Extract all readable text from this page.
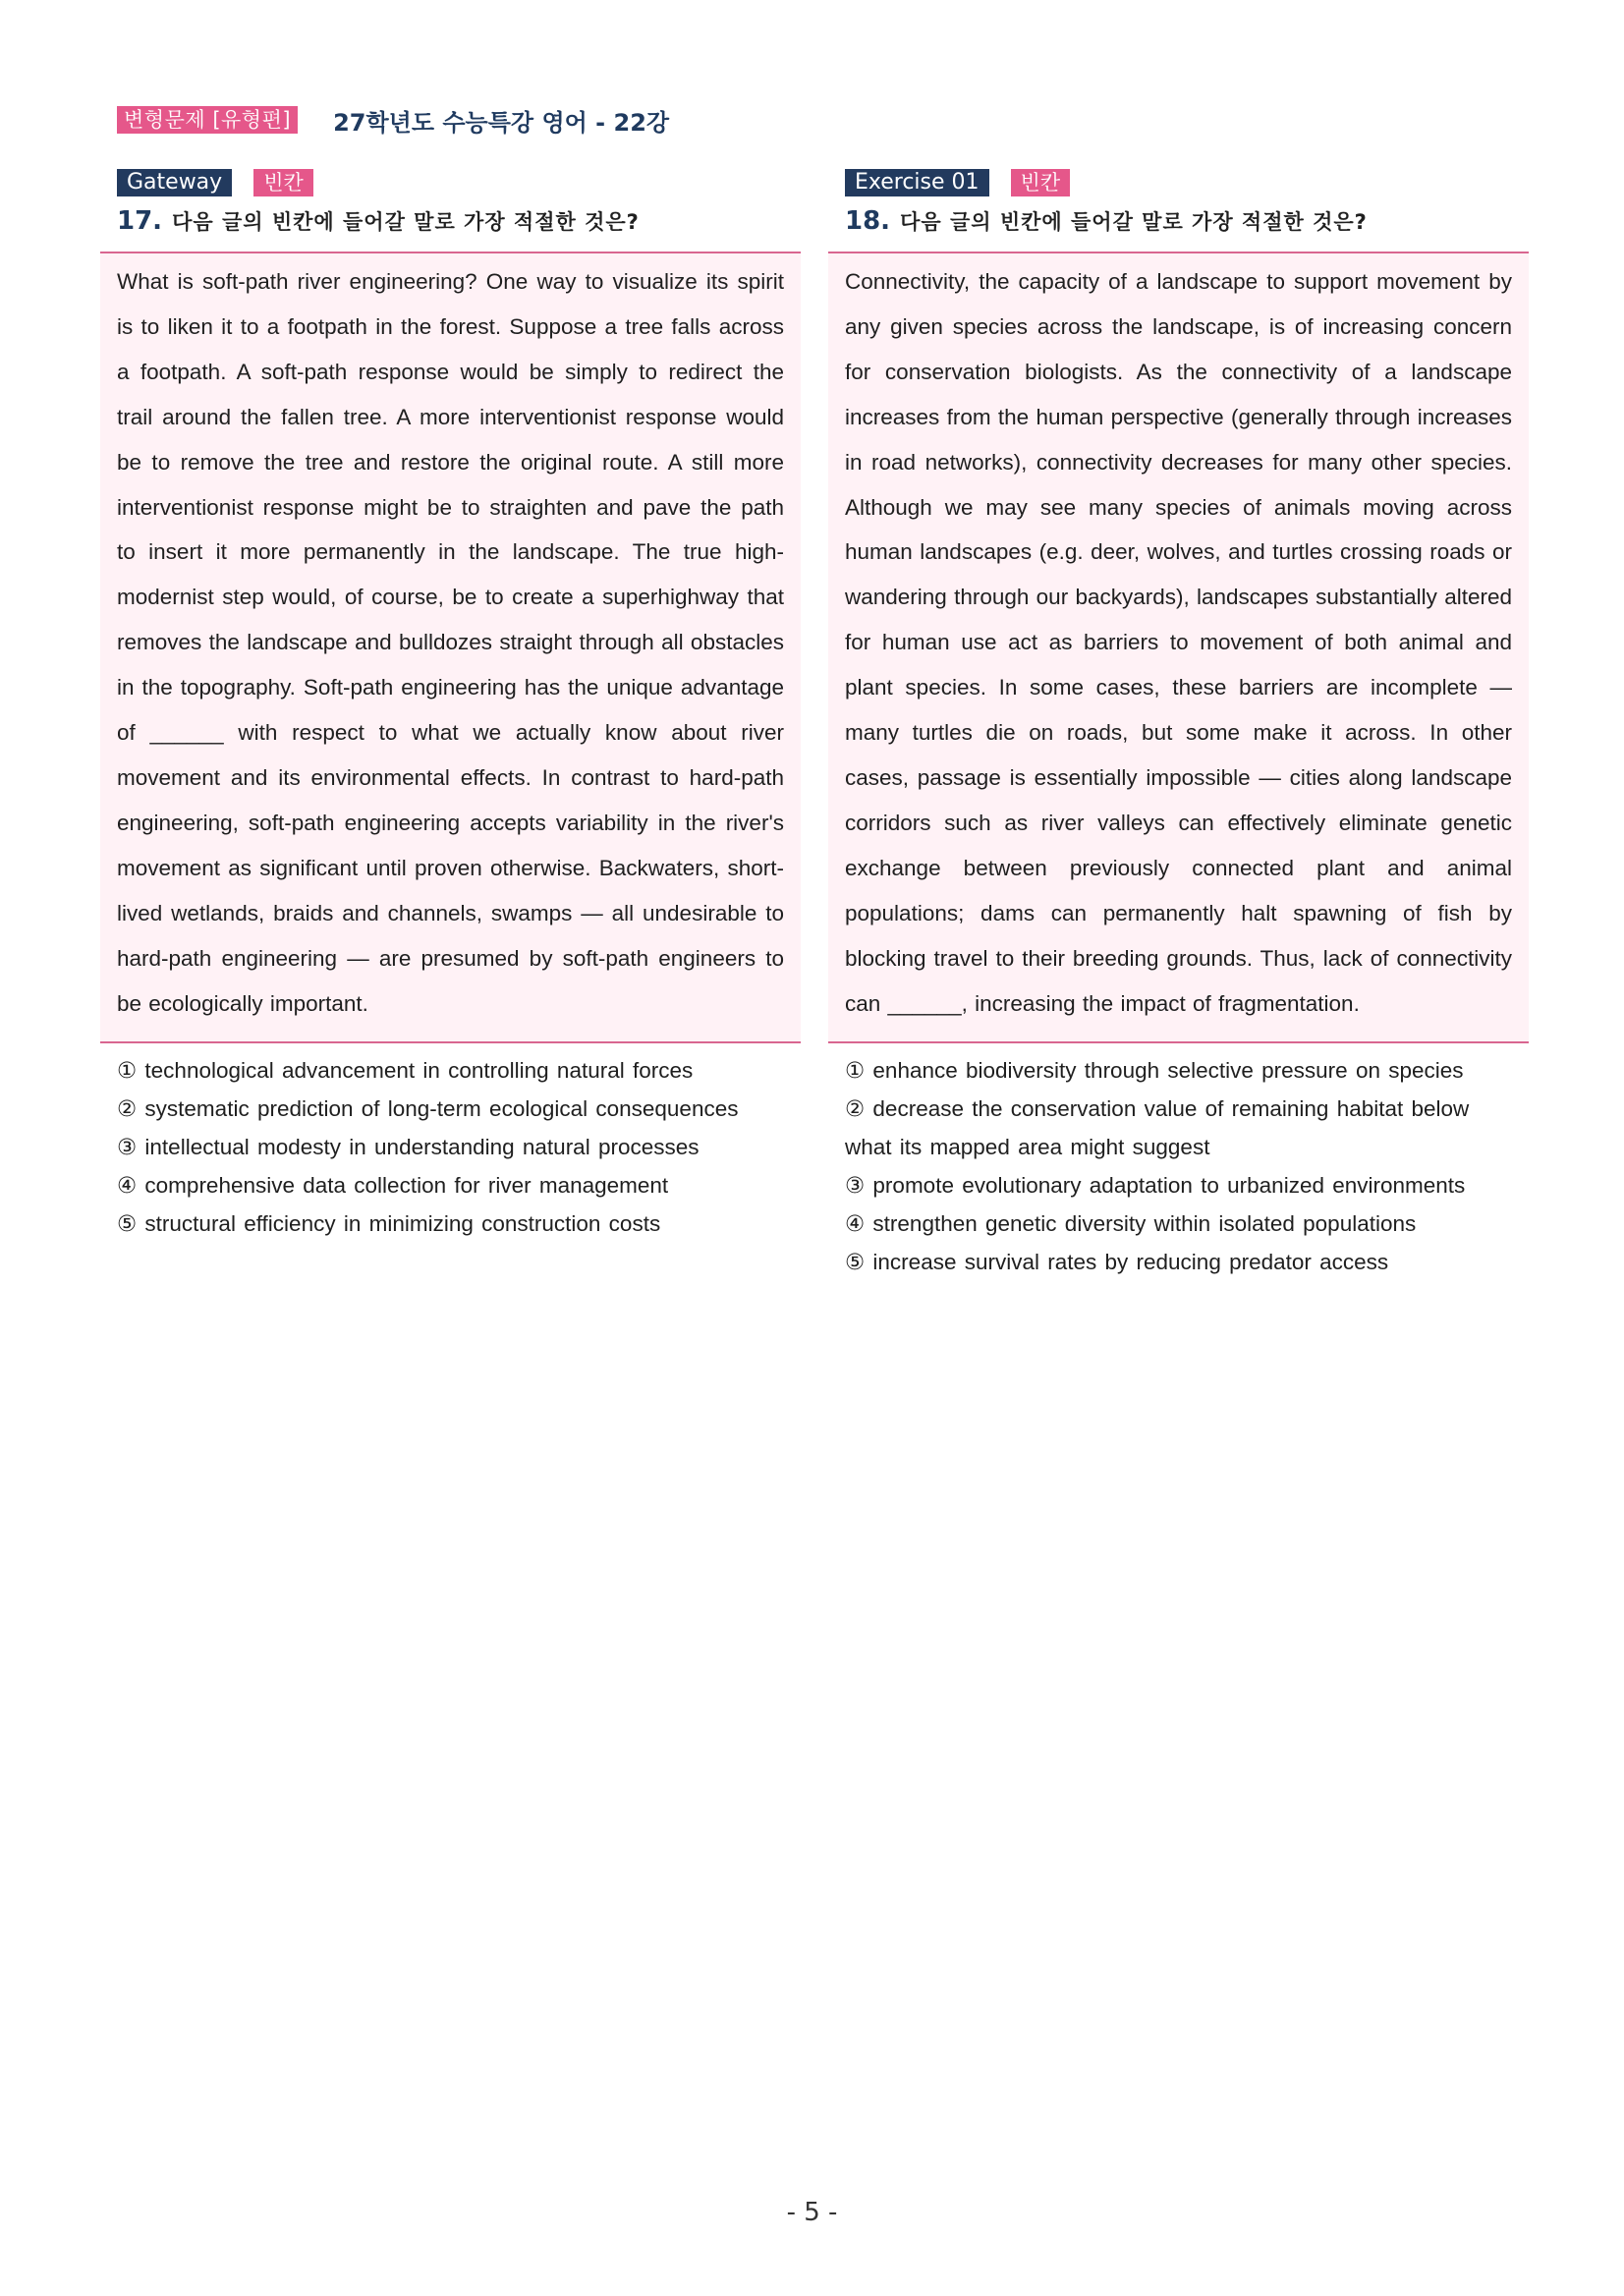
변형문제 [유형편] 27학년도 수능특강 영어 - 22강
Gateway	빈칸
17. 다음 글의 빈칸에 들어갈 말로 가장 적절한 것은?

What is soft-path river engineering? One way to visualize its spirit is to liken it to a footpath in the forest. Suppose a tree falls across a footpath. A soft-path response would be simply to redirect the trail around the fallen tree. A more interventionist response would be to remove the tree and restore the original route. A still more interventionist response might be to straighten and pave the path to insert it more permanently in the landscape. The true high-modernist step would, of course, be to create a superhighway that removes the landscape and bulldozes straight through all obstacles in the topography. Soft-path engineering has the unique advantage of ______ with respect to what we actually know about river movement and its environmental effects. In contrast to hard-path engineering, soft-path engineering accepts variability in the river's movement as significant until proven otherwise. Backwaters, short-lived wetlands, braids and channels, swamps — all undesirable to hard-path engineering — are presumed by soft-path engineers to be ecologically important.

① technological advancement in controlling natural forces
② systematic prediction of long-term ecological consequences
③ intellectual modesty in understanding natural processes
④ comprehensive data collection for river management
⑤ structural efficiency in minimizing construction costs
Exercise 01	빈칸
18. 다음 글의 빈칸에 들어갈 말로 가장 적절한 것은?

Connectivity, the capacity of a landscape to support movement by any given species across the landscape, is of increasing concern for conservation biologists. As the connectivity of a landscape increases from the human perspective (generally through increases in road networks), connectivity decreases for many other species. Although we may see many species of animals moving across human landscapes (e.g. deer, wolves, and turtles crossing roads or wandering through our backyards), landscapes substantially altered for human use act as barriers to movement of both animal and plant species. In some cases, these barriers are incomplete — many turtles die on roads, but some make it across. In other cases, passage is essentially impossible — cities along landscape corridors such as river valleys can effectively eliminate genetic exchange between previously connected plant and animal populations; dams can permanently halt spawning of fish by blocking travel to their breeding grounds. Thus, lack of connectivity can ______, increasing the impact of fragmentation.

① enhance biodiversity through selective pressure on species
② decrease the conservation value of remaining habitat below what its mapped area might suggest
③ promote evolutionary adaptation to urbanized environments
④ strengthen genetic diversity within isolated populations
⑤ increase survival rates by reducing predator access
- 5 -
